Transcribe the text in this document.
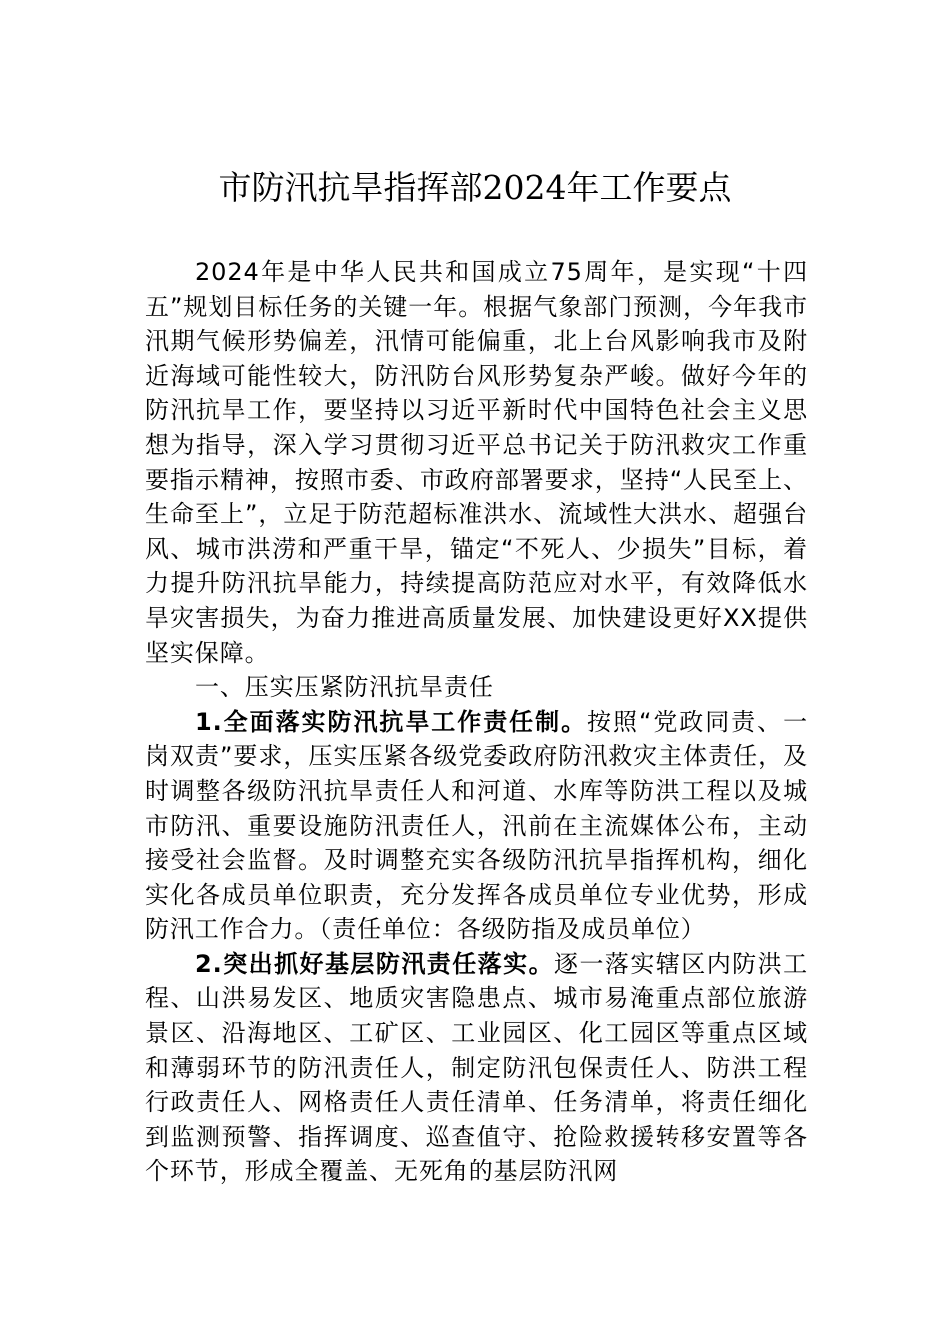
市防汛抗旱指挥部2024年工作要点

2024年是中华人民共和国成立75周年，是实现“十四五”规划目标任务的关键一年。根据气象部门预测，今年我市汛期气候形势偏差，汛情可能偏重，北上台风影响我市及附近海域可能性较大，防汛防台风形势复杂严峻。做好今年的防汛抗旱工作，要坚持以习近平新时代中国特色社会主义思想为指导，深入学习贯彻习近平总书记关于防汛救灾工作重要指示精神，按照市委、市政府部署要求，坚持“人民至上、生命至上”，立足于防范超标准洪水、流域性大洪水、超强台风、城市洪涝和严重干旱，锚定“不死人、少损失”目标，着力提升防汛抗旱能力，持续提高防范应对水平，有效降低水旱灾害损失，为奋力推进高质量发展、加快建设更好XX提供坚实保障。

一、压实压紧防汛抗旱责任

1.全面落实防汛抗旱工作责任制。按照“党政同责、一岗双责”要求，压实压紧各级党委政府防汛救灾主体责任，及时调整各级防汛抗旱责任人和河道、水库等防洪工程以及城市防汛、重要设施防汛责任人，汛前在主流媒体公布，主动接受社会监督。及时调整充实各级防汛抗旱指挥机构，细化实化各成员单位职责，充分发挥各成员单位专业优势，形成防汛工作合力。（责任单位：各级防指及成员单位）

2.突出抓好基层防汛责任落实。逐一落实辖区内防洪工程、山洪易发区、地质灾害隐患点、城市易淹重点部位旅游景区、沿海地区、工矿区、工业园区、化工园区等重点区域和薄弱环节的防汛责任人，制定防汛包保责任人、防洪工程行政责任人、网格责任人责任清单、任务清单，将责任细化到监测预警、指挥调度、巡查值守、抢险救援转移安置等各个环节，形成全覆盖、无死角的基层防汛网
